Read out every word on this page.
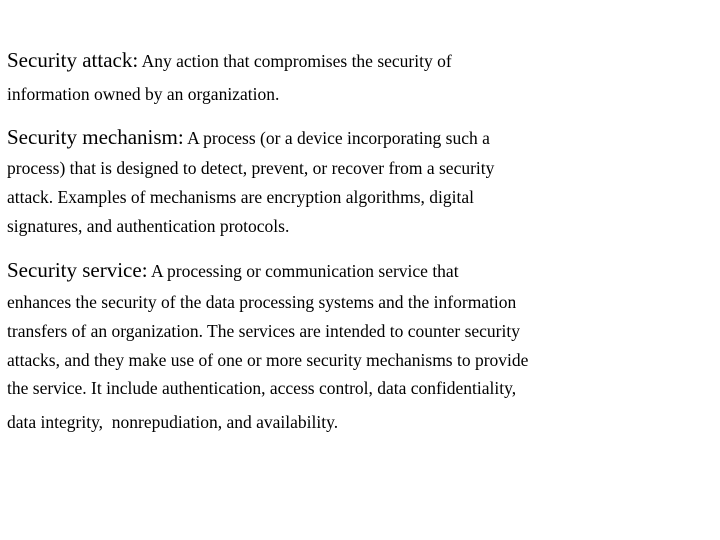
Security attack: Any action that compromises the security of
information owned by an organization.
Security mechanism: A process (or a device incorporating such a
process) that is designed to detect, prevent, or recover from a security
attack. Examples of mechanisms are encryption algorithms, digital
signatures, and authentication protocols.
Security service: A processing or communication service that
enhances the security of the data processing systems and the information
transfers of an organization. The services are intended to counter security
attacks, and they make use of one or more security mechanisms to provide
the service. It include authentication, access control, data confidentiality,
data integrity,  nonrepudiation, and availability.
